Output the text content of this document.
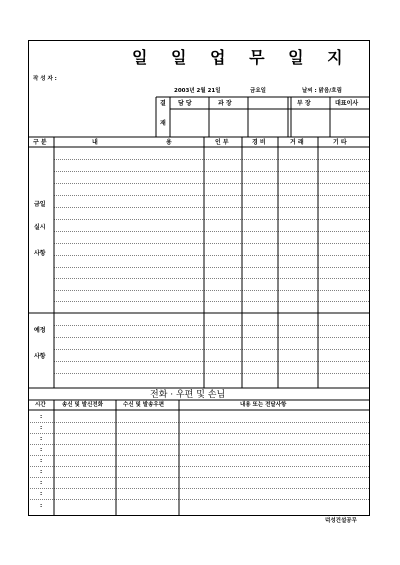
일 일 업 무 일 지
작 성 자 :
2003년 2월 21일	금요일	날씨 : 맑음/흐림
결
재
담 당	과 장	부 장	대표이사
구 분	내	용	인 부	경 비	거 래	기 타
금일
실시
사항
예정
사항
전화 · 우편 및 손님
시간	송신 및 발신전화	수신 및 발송우편	내용 또는 전달사항
:
:
:
:
:
:
:
:
:
덕성건설공무
